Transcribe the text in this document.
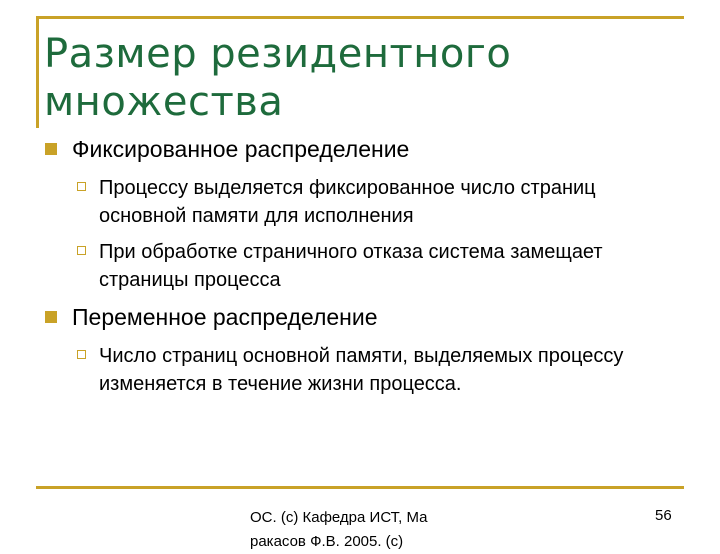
Размер резидентного множества
Фиксированное распределение
Процессу выделяется фиксированное число страниц основной памяти для исполнения
При обработке страничного отказа система замещает страницы процесса
Переменное распределение
Число страниц основной памяти, выделяемых процессу изменяется в течение жизни процесса.
ОС. (с) Кафедра ИСТ, Ма
ракасов Ф.В. 2005. (с)
56
